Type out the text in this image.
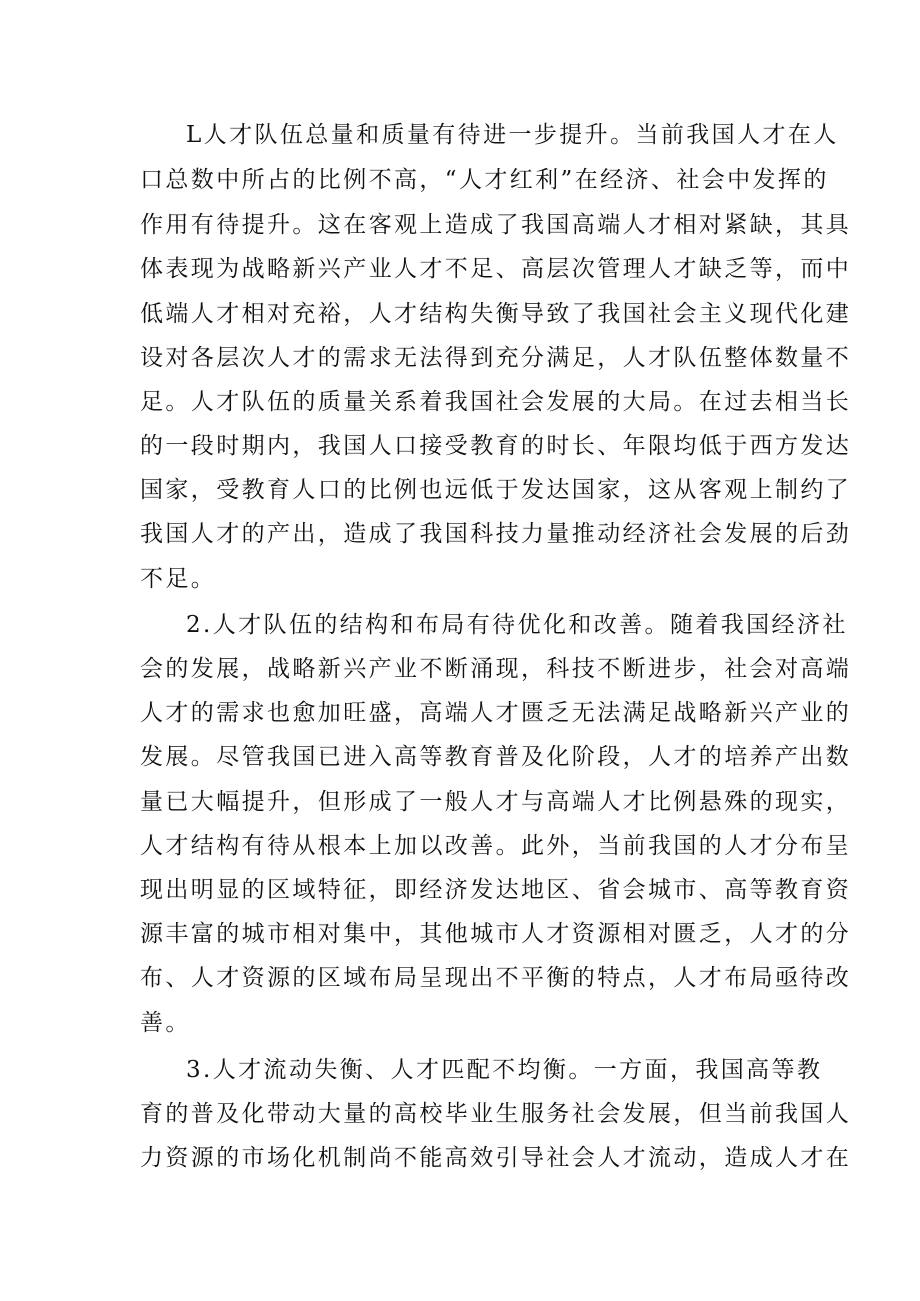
L人才队伍总量和质量有待进一步提升。当前我国人才在人
口总数中所占的比例不高，“人才红利”在经济、社会中发挥的
作用有待提升。这在客观上造成了我国高端人才相对紧缺，其具
体表现为战略新兴产业人才不足、高层次管理人才缺乏等，而中
低端人才相对充裕，人才结构失衡导致了我国社会主义现代化建
设对各层次人才的需求无法得到充分满足，人才队伍整体数量不
足。人才队伍的质量关系着我国社会发展的大局。在过去相当长
的一段时期内，我国人口接受教育的时长、年限均低于西方发达
国家，受教育人口的比例也远低于发达国家，这从客观上制约了
我国人才的产出，造成了我国科技力量推动经济社会发展的后劲
不足。
2.人才队伍的结构和布局有待优化和改善。随着我国经济社
会的发展，战略新兴产业不断涌现，科技不断进步，社会对高端
人才的需求也愈加旺盛，高端人才匮乏无法满足战略新兴产业的
发展。尽管我国已进入高等教育普及化阶段，人才的培养产出数
量已大幅提升，但形成了一般人才与高端人才比例悬殊的现实，
人才结构有待从根本上加以改善。此外，当前我国的人才分布呈
现出明显的区域特征，即经济发达地区、省会城市、高等教育资
源丰富的城市相对集中，其他城市人才资源相对匮乏，人才的分
布、人才资源的区域布局呈现出不平衡的特点，人才布局亟待改
善。
3.人才流动失衡、人才匹配不均衡。一方面，我国高等教
育的普及化带动大量的高校毕业生服务社会发展，但当前我国人
力资源的市场化机制尚不能高效引导社会人才流动，造成人才在
